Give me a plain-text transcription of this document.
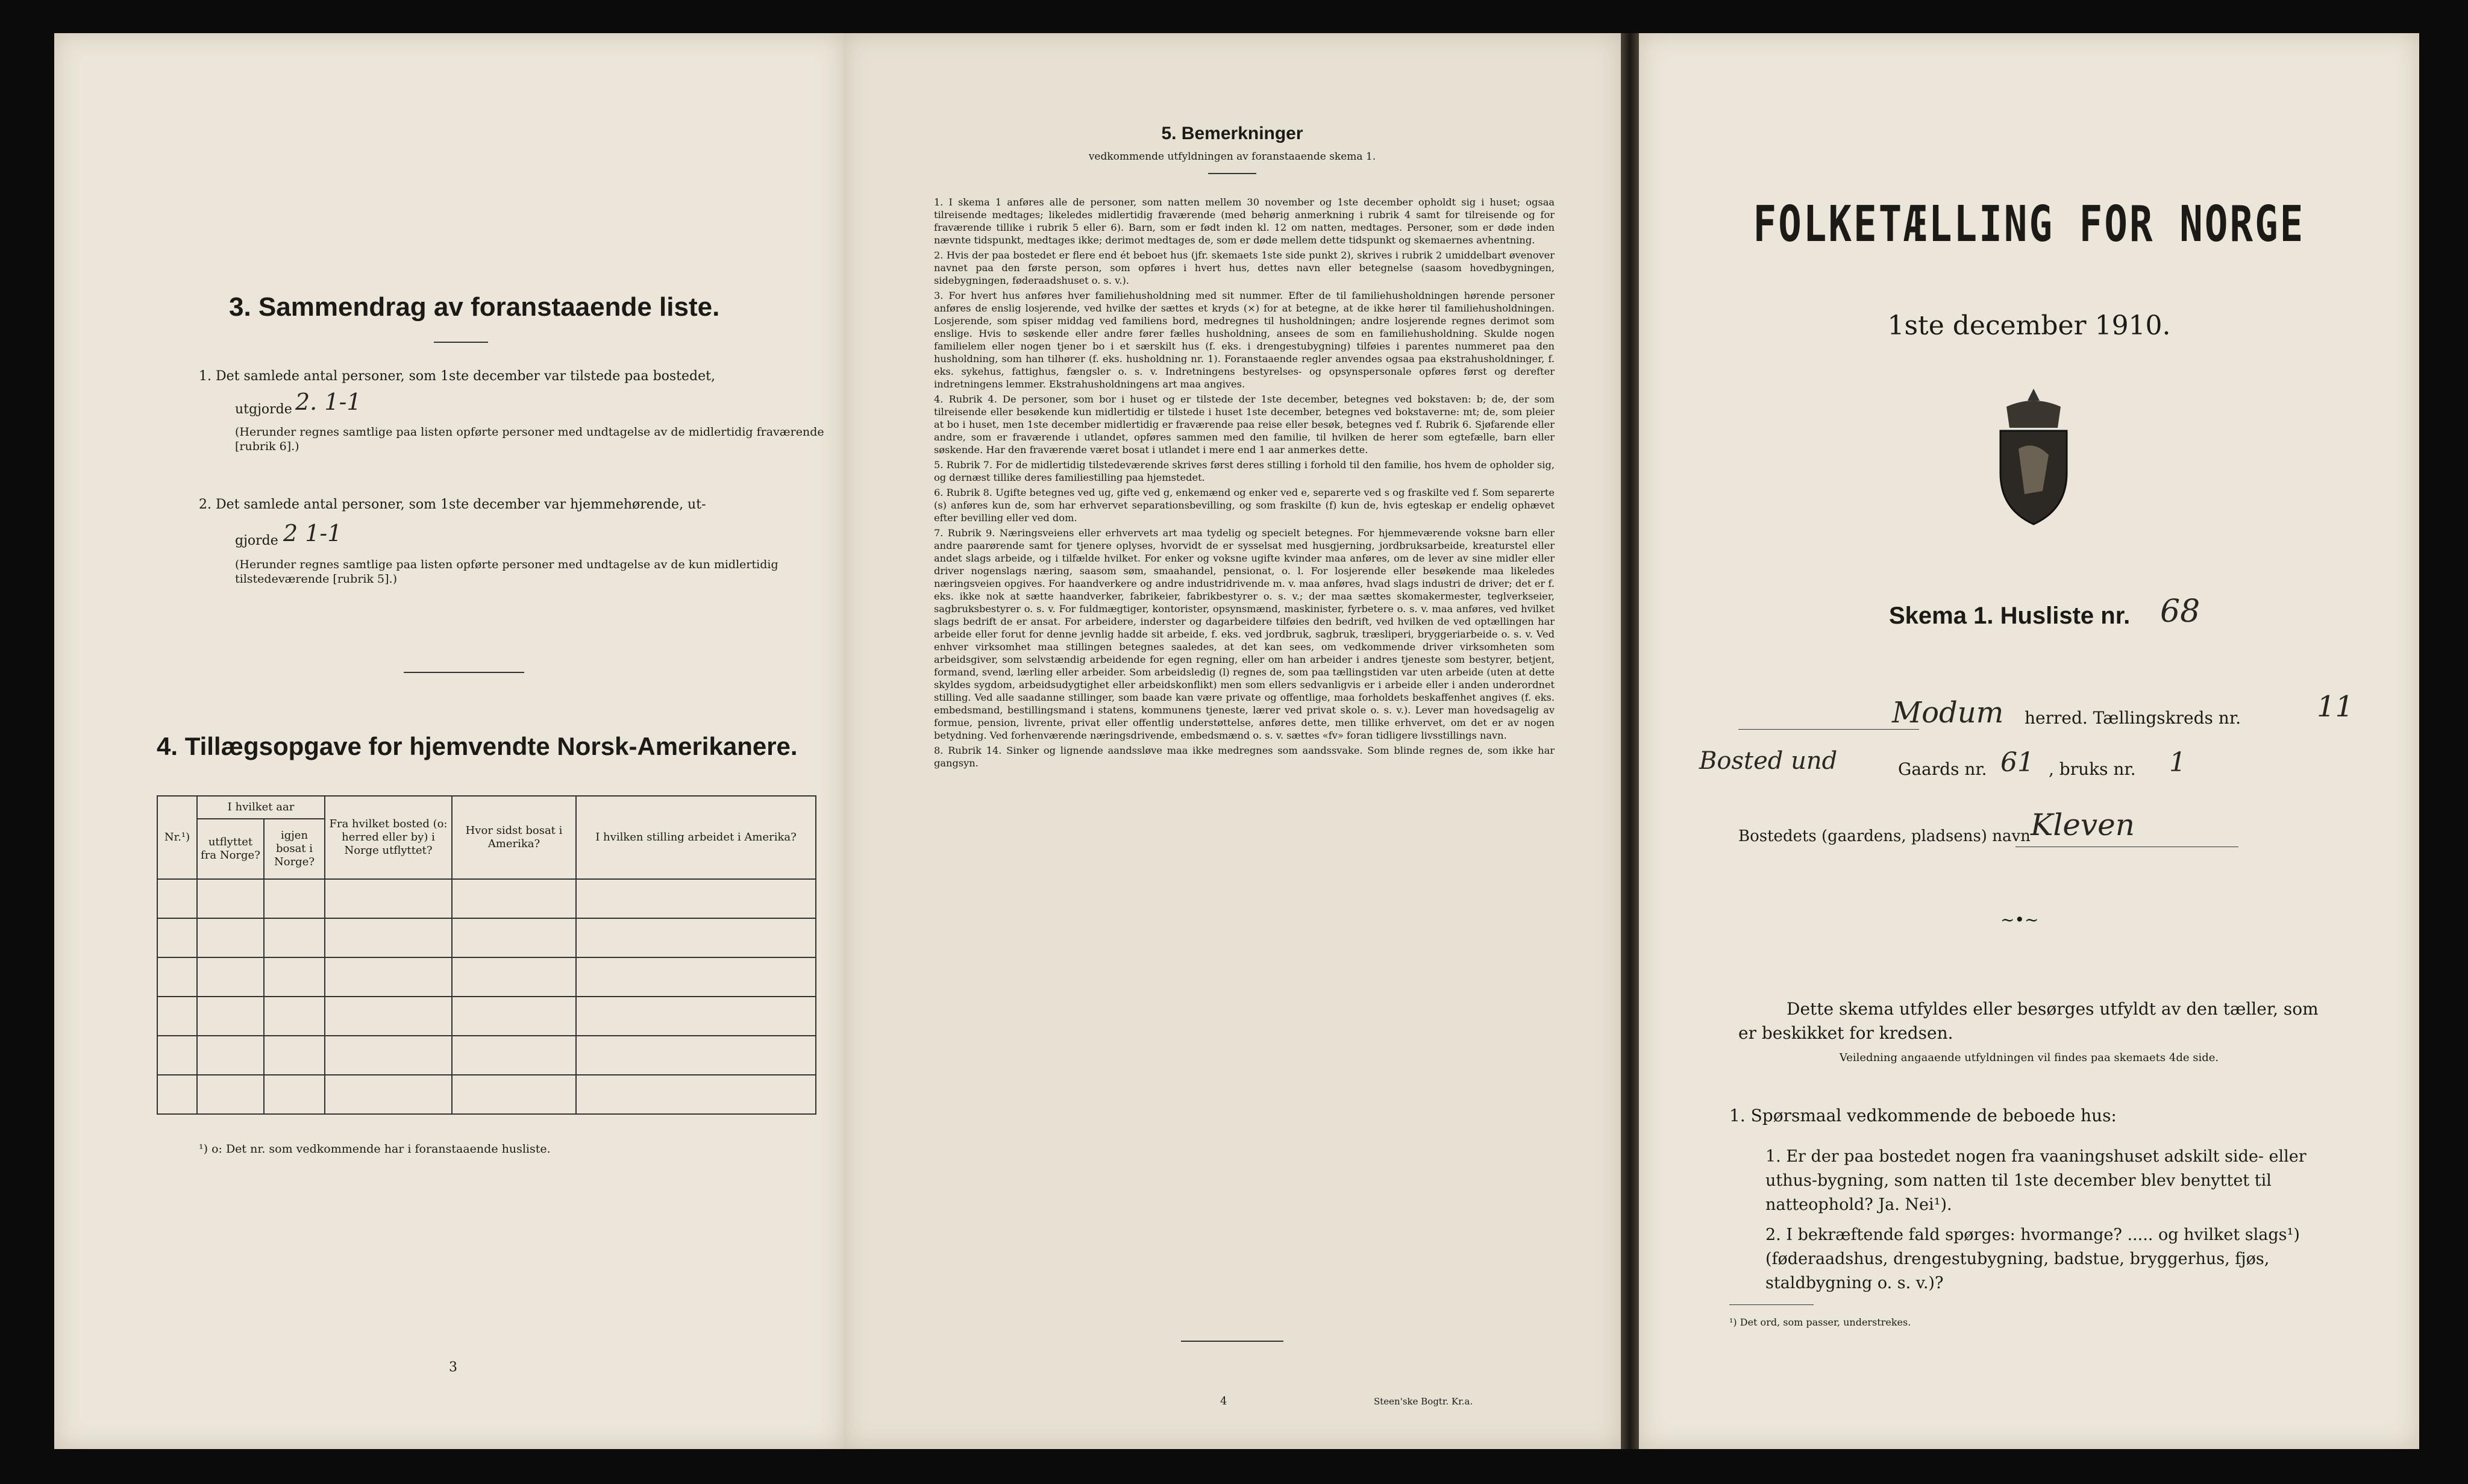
3. Sammendrag av foranstaaende liste.
1. Det samlede antal personer, som 1ste december var tilstede paa bostedet,
utgjorde 2. 1-1
(Herunder regnes samtlige paa listen opførte personer med undtagelse av de midlertidig fraværende [rubrik 6].)
2. Det samlede antal personer, som 1ste december var hjemmehørende, ut-
gjorde 2 1-1
(Herunder regnes samtlige paa listen opførte personer med undtagelse av de kun midlertidig tilstedeværende [rubrik 5].)
4. Tillægsopgave for hjemvendte Norsk-Amerikanere.
Nr.¹)	I hvilket aar		Fra hvilket bosted (o: herred eller by) i Norge utflyttet?	Hvor sidst bosat i Amerika?	I hvilken stilling arbeidet i Amerika?
	utflyttet fra Norge?	igjen bosat i Norge?			

¹) o: Det nr. som vedkommende har i foranstaaende husliste.
3
5. Bemerkninger
vedkommende utfyldningen av foranstaaende skema 1.

1. I skema 1 anføres alle de personer, som natten mellem 30 november og 1ste december opholdt sig i huset; ogsaa tilreisende medtages; likeledes midlertidig fraværende (med behørig anmerkning i rubrik 4 samt for tilreisende og for fraværende tillike i rubrik 5 eller 6). Barn, som er født inden kl. 12 om natten, medtages. Personer, som er døde inden nævnte tidspunkt, medtages ikke; derimot medtages de, som er døde mellem dette tidspunkt og skemaernes avhentning.

2. Hvis der paa bostedet er flere end ét beboet hus (jfr. skemaets 1ste side punkt 2), skrives i rubrik 2 umiddelbart øvenover navnet paa den første person, som opføres i hvert hus, dettes navn eller betegnelse (saasom hovedbygningen, sidebygningen, føderaadshuset o. s. v.).

3. For hvert hus anføres hver familiehusholdning med sit nummer. Efter de til familiehusholdningen hørende personer anføres de enslig losjerende, ved hvilke der sættes et kryds (×) for at betegne, at de ikke hører til familiehusholdningen. Losjerende, som spiser middag ved familiens bord, medregnes til husholdningen; andre losjerende regnes derimot som enslige. Hvis to søskende eller andre fører fælles husholdning, ansees de som en familiehusholdning. Skulde nogen familielem eller nogen tjener bo i et særskilt hus (f. eks. i drengestubygning) tilføies i parentes nummeret paa den husholdning, som han tilhører (f. eks. husholdning nr. 1). Foranstaaende regler anvendes ogsaa paa ekstrahusholdninger, f. eks. sykehus, fattighus, fængsler o. s. v. Indretningens bestyrelses- og opsynspersonale opføres først og derefter indretningens lemmer. Ekstrahusholdningens art maa angives.

4. Rubrik 4. De personer, som bor i huset og er tilstede der 1ste december, betegnes ved bokstaven: b; de, der som tilreisende eller besøkende kun midlertidig er tilstede i huset 1ste december, betegnes ved bokstaverne: mt; de, som pleier at bo i huset, men 1ste december midlertidig er fraværende paa reise eller besøk, betegnes ved f. Rubrik 6. Sjøfarende eller andre, som er fraværende i utlandet, opføres sammen med den familie, til hvilken de herer som egtefælle, barn eller søskende. Har den fraværende været bosat i utlandet i mere end 1 aar anmerkes dette.

5. Rubrik 7. For de midlertidig tilstedeværende skrives først deres stilling i forhold til den familie, hos hvem de opholder sig, og dernæst tillike deres familiestilling paa hjemstedet.

6. Rubrik 8. Ugifte betegnes ved ug, gifte ved g, enkemænd og enker ved e, separerte ved s og fraskilte ved f. Som separerte (s) anføres kun de, som har erhvervet separationsbevilling, og som fraskilte (f) kun de, hvis egteskap er endelig ophævet efter bevilling eller ved dom.

7. Rubrik 9. Næringsveiens eller erhvervets art maa tydelig og specielt betegnes. For hjemmeværende voksne barn eller andre paarørende samt for tjenere oplyses, hvorvidt de er sysselsat med husgjerning, jordbruksarbeide, kreaturstel eller andet slags arbeide, og i tilfælde hvilket. For enker og voksne ugifte kvinder maa anføres, om de lever av sine midler eller driver nogenslags næring, saasom søm, smaahandel, pensionat, o. l. For losjerende eller besøkende maa likeledes næringsveien opgives. For haandverkere og andre industridrivende m. v. maa anføres, hvad slags industri de driver; det er f. eks. ikke nok at sætte haandverker, fabrikeier, fabrikbestyrer o. s. v.; der maa sættes skomakermester, teglverkseier, sagbruksbestyrer o. s. v. For fuldmægtiger, kontorister, opsynsmænd, maskinister, fyrbetere o. s. v. maa anføres, ved hvilket slags bedrift de er ansat. For arbeidere, inderster og dagarbeidere tilføies den bedrift, ved hvilken de ved optællingen har arbeide eller forut for denne jevnlig hadde sit arbeide, f. eks. ved jordbruk, sagbruk, træsliperi, bryggeriarbeide o. s. v. Ved enhver virksomhet maa stillingen betegnes saaledes, at det kan sees, om vedkommende driver virksomheten som arbeidsgiver, som selvstændig arbeidende for egen regning, eller om han arbeider i andres tjeneste som bestyrer, betjent, formand, svend, lærling eller arbeider. Som arbeidsledig (l) regnes de, som paa tællingstiden var uten arbeide (uten at dette skyldes sygdom, arbeidsudygtighet eller arbeidskonflikt) men som ellers sedvanligvis er i arbeide eller i anden underordnet stilling. Ved alle saadanne stillinger, som baade kan være private og offentlige, maa forholdets beskaffenhet angives (f. eks. embedsmand, bestillingsmand i statens, kommunens tjeneste, lærer ved privat skole o. s. v.). Lever man hovedsagelig av formue, pension, livrente, privat eller offentlig understøttelse, anføres dette, men tillike erhvervet, om det er av nogen betydning. Ved forhenværende næringsdrivende, embedsmænd o. s. v. sættes «fv» foran tidligere livsstillings navn.

8. Rubrik 14. Sinker og lignende aandssløve maa ikke medregnes som aandssvake. Som blinde regnes de, som ikke har gangsyn.

4	Steen'ske Bogtr. Kr.a.
FOLKETÆLLING FOR NORGE
1ste december 1910.
Skema 1. Husliste nr. 68
Modum herred. Tællingskreds nr.	11
Bosted und	Gaards nr. 61 , bruks nr. 1
Bostedets (gaardens, pladsens) navn Kleven
~•~
Dette skema utfyldes eller besørges utfyldt av den tæller, som er beskikket for kredsen.
Veiledning angaaende utfyldningen vil findes paa skemaets 4de side.
1. Spørsmaal vedkommende de beboede hus:
1. Er der paa bostedet nogen fra vaaningshuset adskilt side- eller uthus-bygning, som natten til 1ste december blev benyttet til natteophold? Ja. Nei¹).
2. I bekræftende fald spørges: hvormange? ..... og hvilket slags¹) (føderaadshus, drengestubygning, badstue, bryggerhus, fjøs, staldbygning o. s. v.)?
¹) Det ord, som passer, understrekes.
